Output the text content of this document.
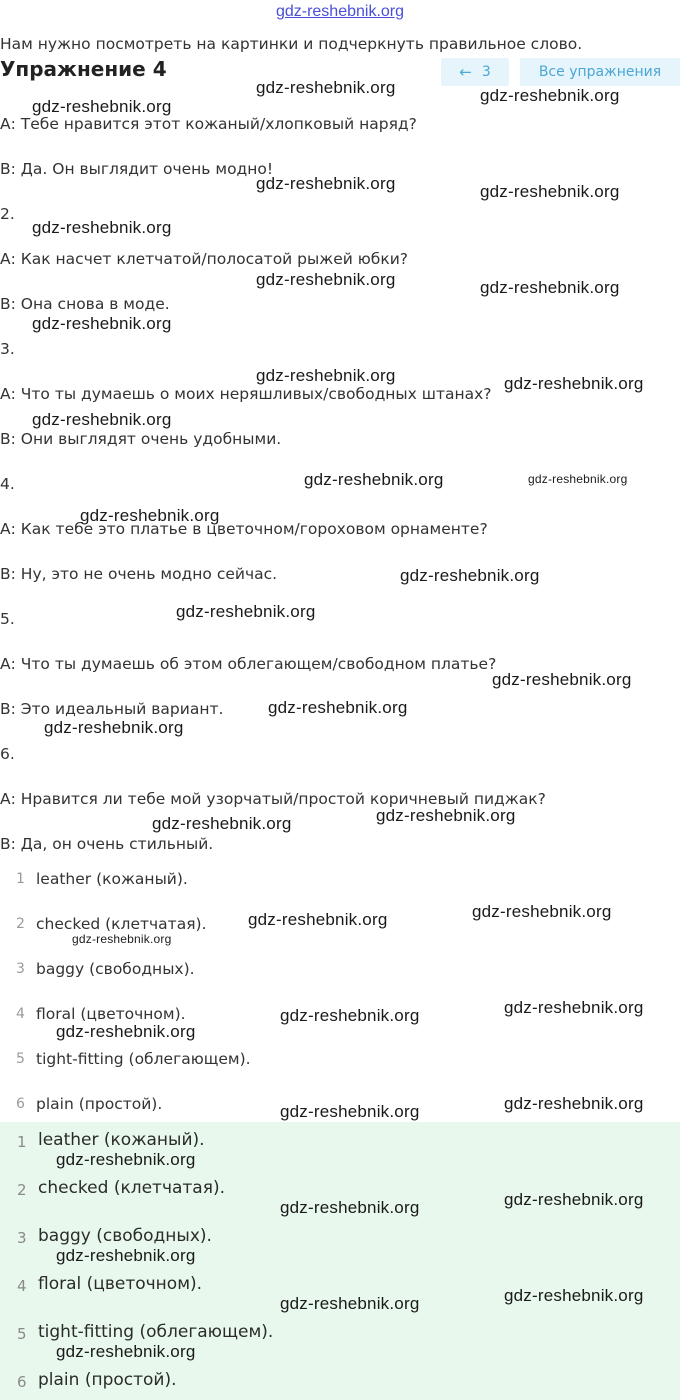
gdz-reshebnik.org
Нам нужно посмотреть на картинки и подчеркнуть правильное слово.
Упражнение 4	← 3	Все упражнения
А: Тебе нравится этот кожаный/хлопковый наряд?
В: Да. Он выглядит очень модно!
2.
А: Как насчет клетчатой/полосатой рыжей юбки?
В: Она снова в моде.
3.
А: Что ты думаешь о моих неряшливых/свободных штанах?
В: Они выглядят очень удобными.
4.
А: Как тебе это платье в цветочном/гороховом орнаменте?
В: Ну, это не очень модно сейчас.
5.
А: Что ты думаешь об этом облегающем/свободном платье?
В: Это идеальный вариант.
6.
А: Нравится ли тебе мой узорчатый/простой коричневый пиджак?
В: Да, он очень стильный.
1 leather (кожаный).
2 checked (клетчатая).
3 baggy (свободных).
4 floral (цветочном).
5 tight-fitting (облегающем).
6 plain (простой).
1 leather (кожаный).
2 checked (клетчатая).
3 baggy (свободных).
4 floral (цветочном).
5 tight-fitting (облегающем).
6 plain (простой).
gdz-reshebnik.org	gdz-reshebnik.org
gdz-reshebnik.org
gdz-reshebnik.org	gdz-reshebnik.org
gdz-reshebnik.org
gdz-reshebnik.org	gdz-reshebnik.org
gdz-reshebnik.org
gdz-reshebnik.org	gdz-reshebnik.org
gdz-reshebnik.org
gdz-reshebnik.org	gdz-reshebnik.org
gdz-reshebnik.org
gdz-reshebnik.org
gdz-reshebnik.org
gdz-reshebnik.org
gdz-reshebnik.org
gdz-reshebnik.org
gdz-reshebnik.org
gdz-reshebnik.org
gdz-reshebnik.org
gdz-reshebnik.org
gdz-reshebnik.org
gdz-reshebnik.org
gdz-reshebnik.org
gdz-reshebnik.org
gdz-reshebnik.org
gdz-reshebnik.org
gdz-reshebnik.org
gdz-reshebnik.org
gdz-reshebnik.org
gdz-reshebnik.org
gdz-reshebnik.org
gdz-reshebnik.org
gdz-reshebnik.org
